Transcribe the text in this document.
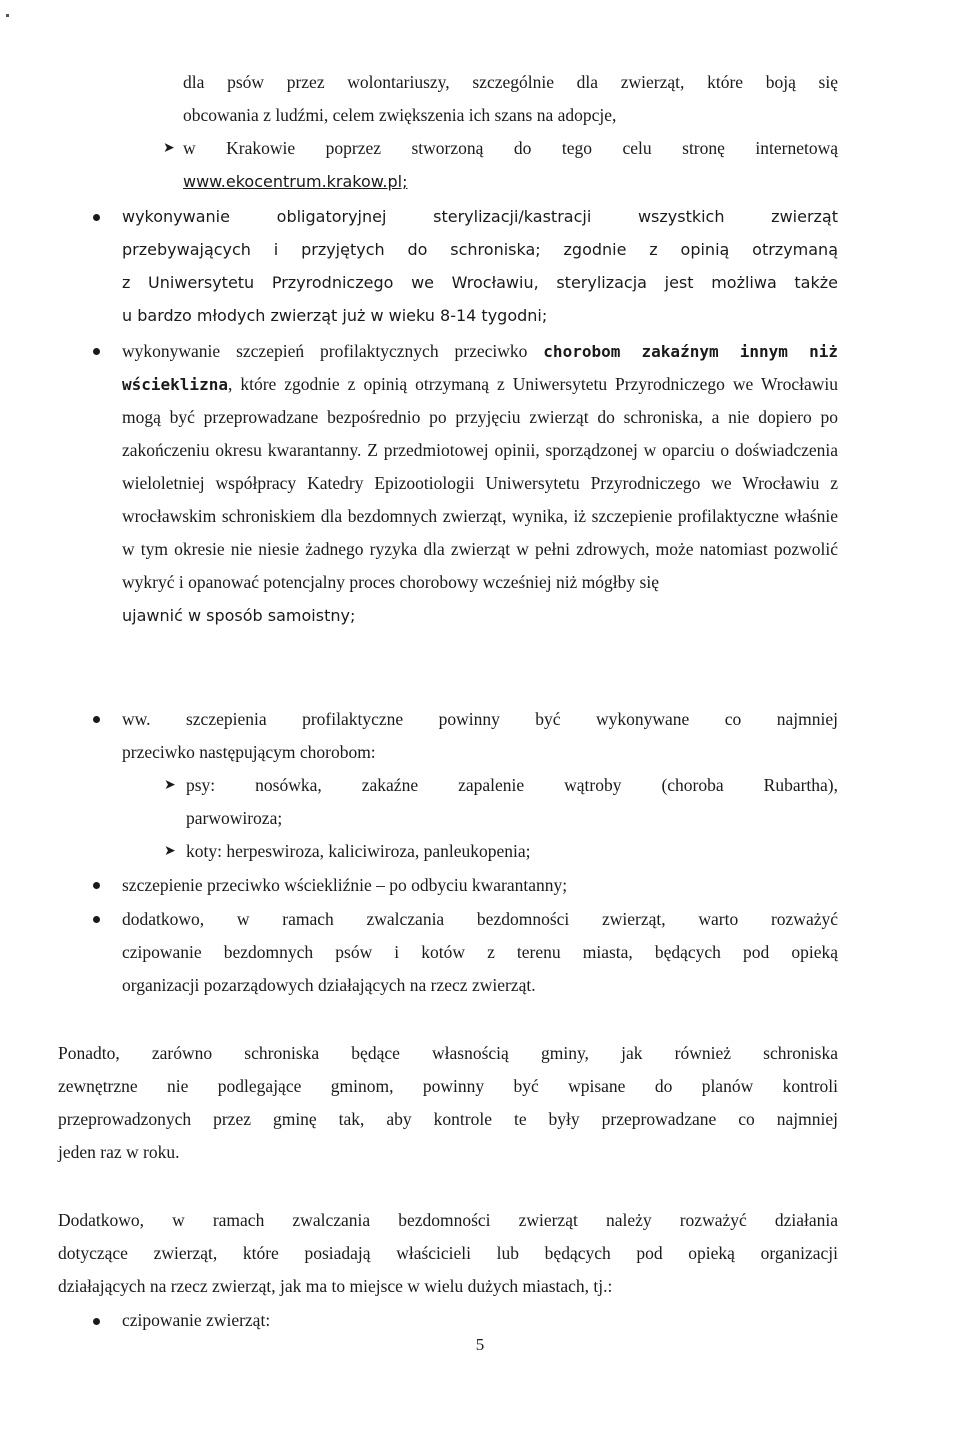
dla psów przez wolontariuszy, szczególnie dla zwierząt, które boją się

obcowania z ludźmi, celem zwiększenia ich szans na adopcje,

➤ w Krakowie poprzez stworzoną do tego celu stronę internetową

www.ekocentrum.krakow.pl;

wykonywanie obligatoryjnej sterylizacji/kastracji wszystkich zwierząt

przebywających i przyjętych do schroniska; zgodnie z opinią otrzymaną

z Uniwersytetu Przyrodniczego we Wrocławiu, sterylizacja jest możliwa także

u bardzo młodych zwierząt już w wieku 8-14 tygodni;

wykonywanie szczepień profilaktycznych przeciwko chorobom zakaźnym innym niż wścieklizna, które zgodnie z opinią otrzymaną z Uniwersytetu Przyrodniczego we Wrocławiu mogą być przeprowadzane bezpośrednio po przyjęciu zwierząt do schroniska, a nie dopiero po zakończeniu okresu kwarantanny. Z przedmiotowej opinii, sporządzonej w oparciu o doświadczenia wieloletniej współpracy Katedry Epizootiologii Uniwersytetu Przyrodniczego we Wrocławiu z wrocławskim schroniskiem dla bezdomnych zwierząt, wynika, iż szczepienie profilaktyczne właśnie w tym okresie nie niesie żadnego ryzyka dla zwierząt w pełni zdrowych, może natomiast pozwolić wykryć i opanować potencjalny proces chorobowy wcześniej niż mógłby się

ujawnić w sposób samoistny;

ww. szczepienia profilaktyczne powinny być wykonywane co najmniej

przeciwko następującym chorobom:

➤ psy: nosówka, zakaźne zapalenie wątroby (choroba Rubartha),

parwowiroza;

➤ koty: herpeswiroza, kaliciwiroza, panleukopenia;

szczepienie przeciwko wściekliźnie – po odbyciu kwarantanny;

dodatkowo, w ramach zwalczania bezdomności zwierząt, warto rozważyć

czipowanie bezdomnych psów i kotów z terenu miasta, będących pod opieką

organizacji pozarządowych działających na rzecz zwierząt.

Ponadto, zarówno schroniska będące własnością gminy, jak również schroniska

zewnętrzne nie podlegające gminom, powinny być wpisane do planów kontroli

przeprowadzonych przez gminę tak, aby kontrole te były przeprowadzane co najmniej

jeden raz w roku.

Dodatkowo, w ramach zwalczania bezdomności zwierząt należy rozważyć działania

dotyczące zwierząt, które posiadają właścicieli lub będących pod opieką organizacji

działających na rzecz zwierząt, jak ma to miejsce w wielu dużych miastach, tj.:

czipowanie zwierząt:

5
